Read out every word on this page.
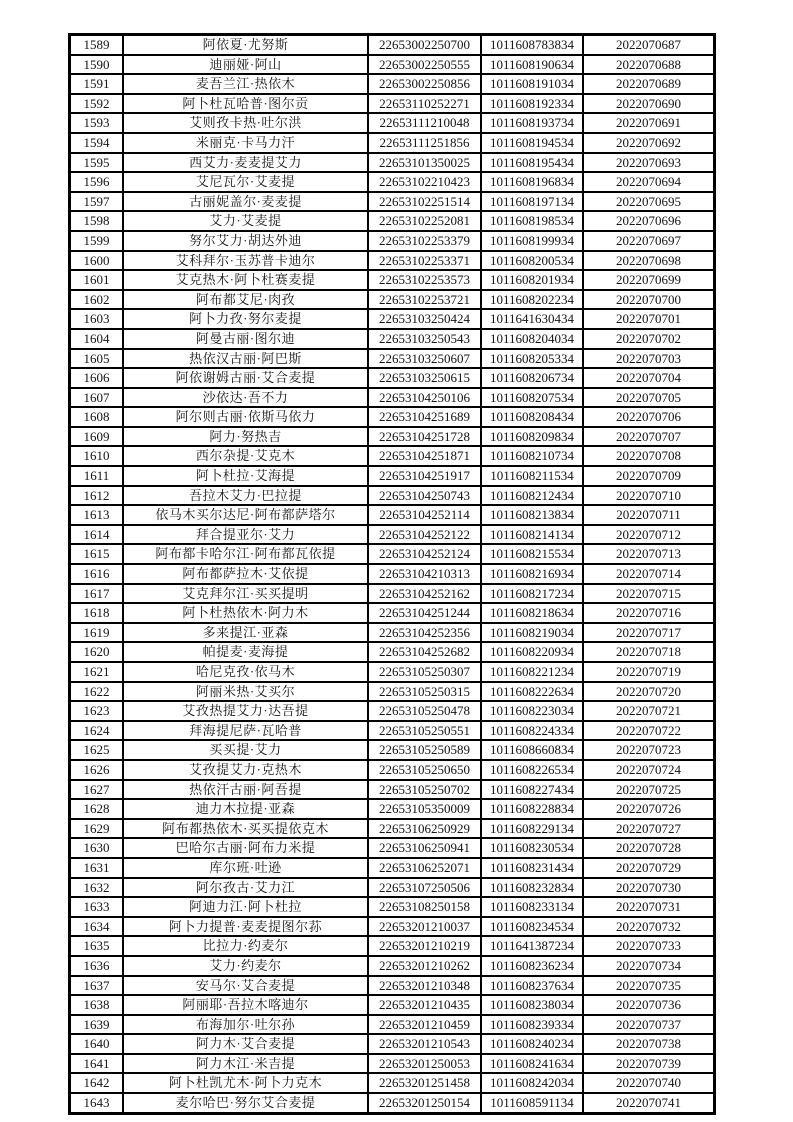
1589	阿依夏·尤努斯	22653002250700	1011608783834	2022070687
1590	迪丽娅·阿山	22653002250555	1011608190634	2022070688
1591	麦吾兰江·热依木	22653002250856	1011608191034	2022070689
1592	阿卜杜瓦哈普·图尔贡	22653110252271	1011608192334	2022070690
1593	艾则孜卡热·吐尔洪	22653111210048	1011608193734	2022070691
1594	米丽克·卡马力汗	22653111251856	1011608194534	2022070692
1595	西艾力·麦麦提艾力	22653101350025	1011608195434	2022070693
1596	艾尼瓦尔·艾麦提	22653102210423	1011608196834	2022070694
1597	古丽妮盖尔·麦麦提	22653102251514	1011608197134	2022070695
1598	艾力·艾麦提	22653102252081	1011608198534	2022070696
1599	努尔艾力·胡达外迪	22653102253379	1011608199934	2022070697
1600	艾科拜尔·玉苏普卡迪尔	22653102253371	1011608200534	2022070698
1601	艾克热木·阿卜杜赛麦提	22653102253573	1011608201934	2022070699
1602	阿布都艾尼·肉孜	22653102253721	1011608202234	2022070700
1603	阿卜力孜·努尔麦提	22653103250424	1011641630434	2022070701
1604	阿曼古丽·图尔迪	22653103250543	1011608204034	2022070702
1605	热依汉古丽·阿巴斯	22653103250607	1011608205334	2022070703
1606	阿依谢姆古丽·艾合麦提	22653103250615	1011608206734	2022070704
1607	沙依达·吾不力	22653104250106	1011608207534	2022070705
1608	阿尔则古丽·依斯马依力	22653104251689	1011608208434	2022070706
1609	阿力·努热吉	22653104251728	1011608209834	2022070707
1610	西尔杂提·艾克木	22653104251871	1011608210734	2022070708
1611	阿卜杜拉·艾海提	22653104251917	1011608211534	2022070709
1612	吾拉木艾力·巴拉提	22653104250743	1011608212434	2022070710
1613	依马木买尔达尼·阿布都萨塔尔	22653104252114	1011608213834	2022070711
1614	拜合提亚尔·艾力	22653104252122	1011608214134	2022070712
1615	阿布都卡哈尔江·阿布都瓦依提	22653104252124	1011608215534	2022070713
1616	阿布都萨拉木·艾依提	22653104210313	1011608216934	2022070714
1617	艾克拜尔江·买买提明	22653104252162	1011608217234	2022070715
1618	阿卜杜热依木·阿力木	22653104251244	1011608218634	2022070716
1619	多来提江·亚森	22653104252356	1011608219034	2022070717
1620	帕提麦·麦海提	22653104252682	1011608220934	2022070718
1621	哈尼克孜·依马木	22653105250307	1011608221234	2022070719
1622	阿丽米热·艾买尔	22653105250315	1011608222634	2022070720
1623	艾孜热提艾力·达吾提	22653105250478	1011608223034	2022070721
1624	拜海提尼萨·瓦哈普	22653105250551	1011608224334	2022070722
1625	买买提·艾力	22653105250589	1011608660834	2022070723
1626	艾孜提艾力·克热木	22653105250650	1011608226534	2022070724
1627	热依汗古丽·阿吾提	22653105250702	1011608227434	2022070725
1628	迪力木拉提·亚森	22653105350009	1011608228834	2022070726
1629	阿布都热依木·买买提依克木	22653106250929	1011608229134	2022070727
1630	巴哈尔古丽·阿布力米提	22653106250941	1011608230534	2022070728
1631	库尔班·吐逊	22653106252071	1011608231434	2022070729
1632	阿尔孜古·艾力江	22653107250506	1011608232834	2022070730
1633	阿迪力江·阿卜杜拉	22653108250158	1011608233134	2022070731
1634	阿卜力提普·麦麦提图尔荪	22653201210037	1011608234534	2022070732
1635	比拉力·约麦尔	22653201210219	1011641387234	2022070733
1636	艾力·约麦尔	22653201210262	1011608236234	2022070734
1637	安马尔·艾合麦提	22653201210348	1011608237634	2022070735
1638	阿丽耶·吾拉木喀迪尔	22653201210435	1011608238034	2022070736
1639	布海加尔·吐尔孙	22653201210459	1011608239334	2022070737
1640	阿力木·艾合麦提	22653201210543	1011608240234	2022070738
1641	阿力木江·米吉提	22653201250053	1011608241634	2022070739
1642	阿卜杜凯尤木·阿卜力克木	22653201251458	1011608242034	2022070740
1643	麦尔哈巴·努尔艾合麦提	22653201250154	1011608591134	2022070741
